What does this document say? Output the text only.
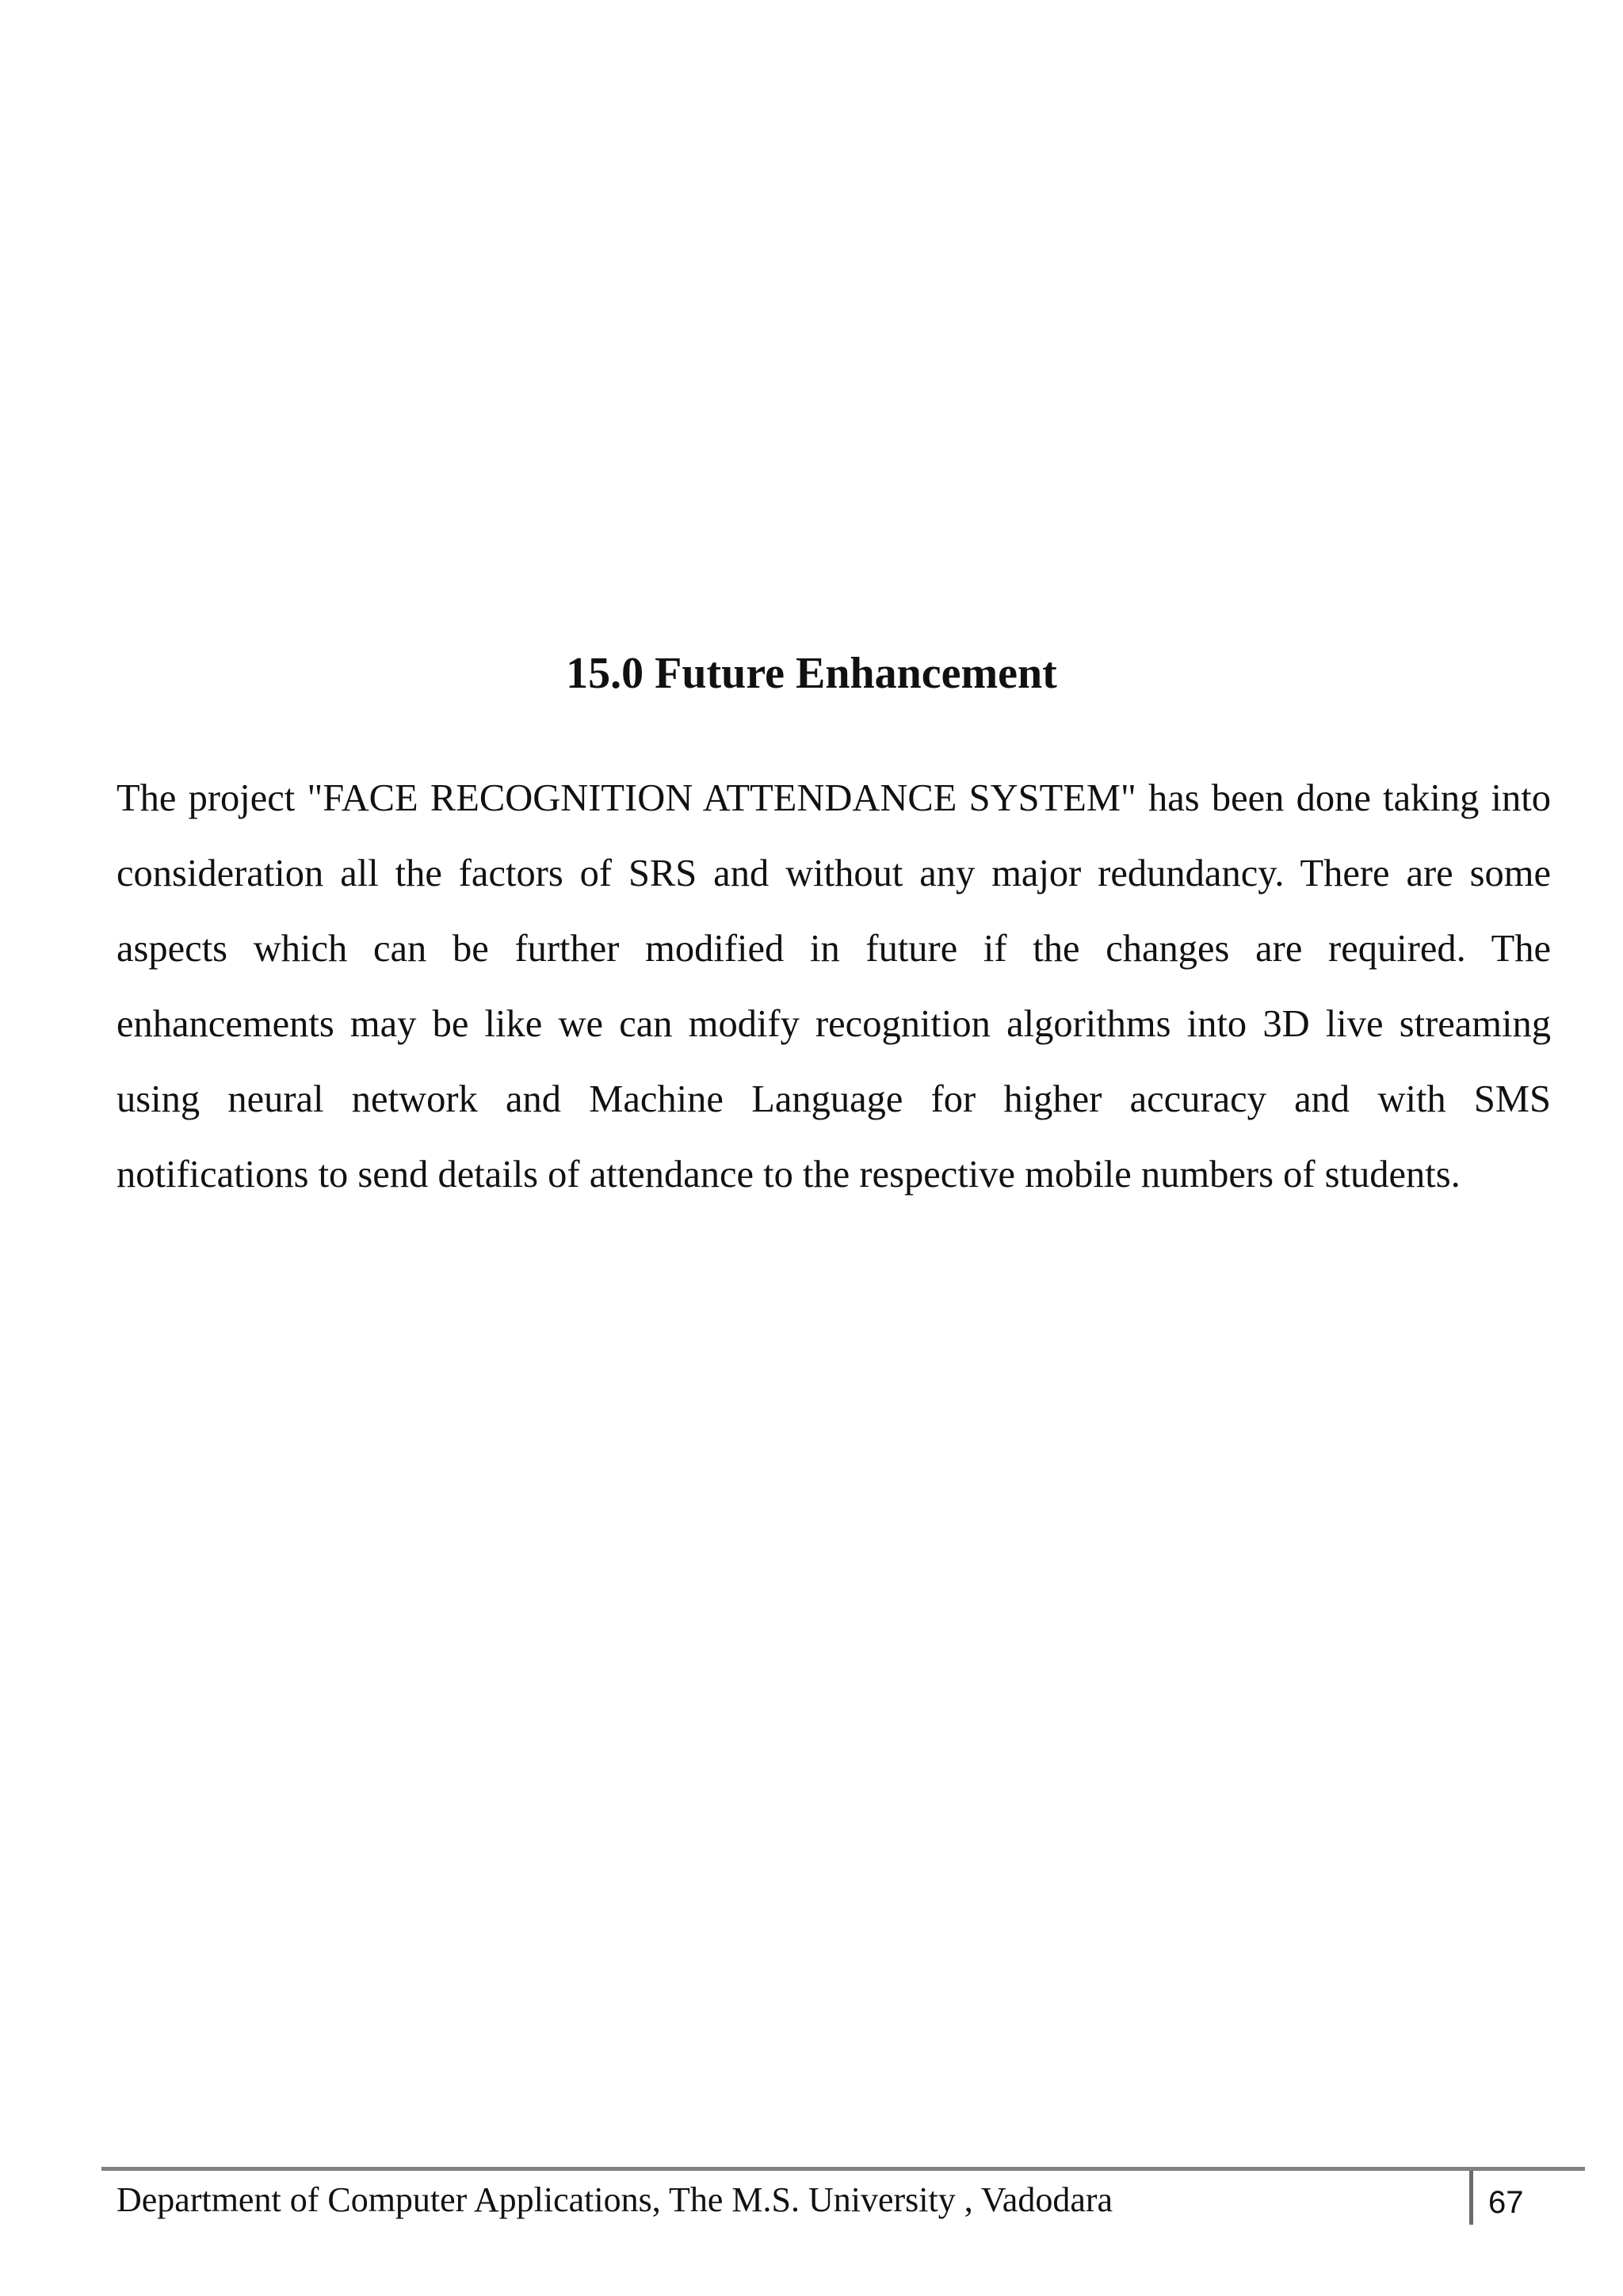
15.0 Future Enhancement

The project "FACE RECOGNITION ATTENDANCE SYSTEM" has been done taking into consideration all the factors of SRS and without any major redundancy. There are some aspects which can be further modified in future if the changes are required. The enhancements may be like we can modify recognition algorithms into 3D live streaming using neural network and Machine Language for higher accuracy and with SMS notifications to send details of attendance to the respective mobile numbers of students.

Department of Computer Applications, The M.S. University , Vadodara	67
